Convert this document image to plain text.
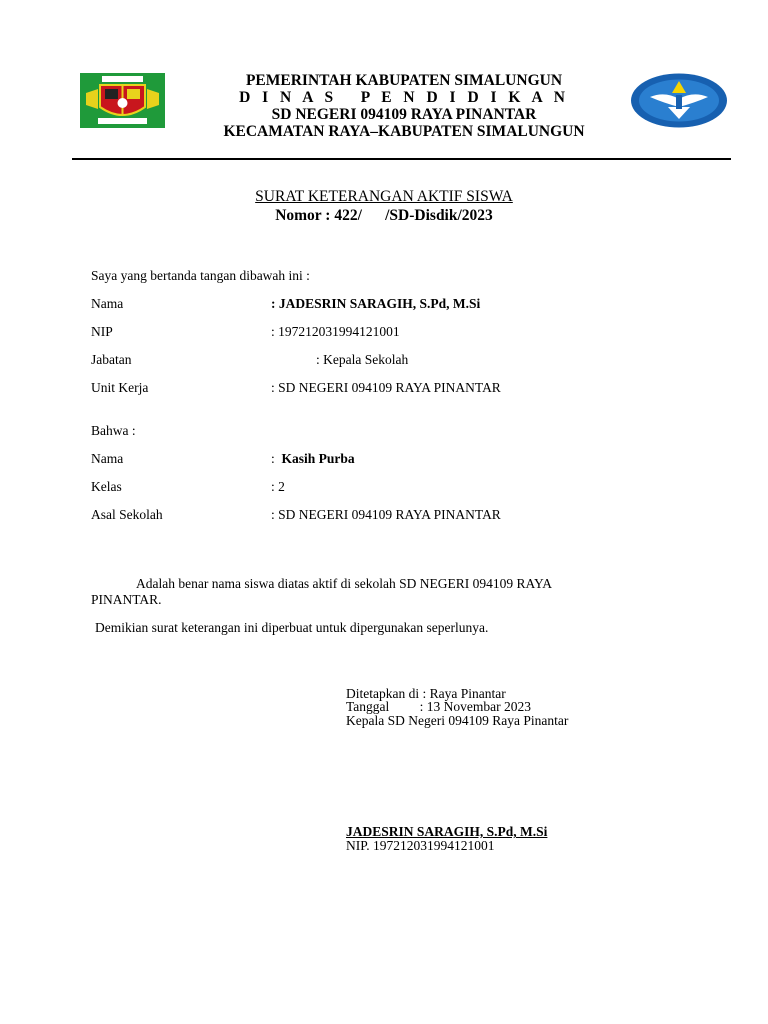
PEMERINTAH KABUPATEN SIMALUNGUN
D I N A S   P E N D I D I K A N
SD NEGERI 094109 RAYA PINANTAR
KECAMATAN RAYA–KABUPATEN SIMALUNGUN
SURAT KETERANGAN AKTIF SISWA
Nomor : 422/      /SD-Disdik/2023
Saya yang bertanda tangan dibawah ini :
Nama	: JADESRIN SARAGIH, S.Pd, M.Si
NIP	: 197212031994121001
Jabatan	: Kepala Sekolah
Unit Kerja	: SD NEGERI 094109 RAYA PINANTAR
Bahwa :
Nama	: Kasih Purba
Kelas	: 2
Asal Sekolah	: SD NEGERI 094109 RAYA PINANTAR
Adalah benar nama siswa diatas aktif di sekolah SD NEGERI 094109 RAYA
PINANTAR.
Demikian surat keterangan ini diperbuat untuk dipergunakan seperlunya.
Ditetapkan di : Raya Pinantar
Tanggal         : 13 Novembar 2023
Kepala SD Negeri 094109 Raya Pinantar
JADESRIN SARAGIH, S.Pd, M.Si
NIP. 197212031994121001
